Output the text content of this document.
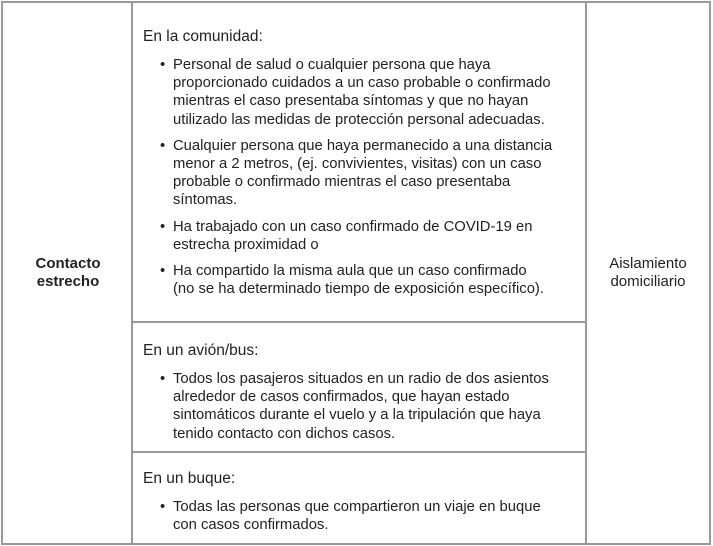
Contacto
estrecho
Aislamiento
domiciliario
En la comunidad:
• Personal de salud o cualquier persona que haya
proporcionado cuidados a un caso probable o confirmado
mientras el caso presentaba síntomas y que no hayan
utilizado las medidas de protección personal adecuadas.
• Cualquier persona que haya permanecido a una distancia
menor a 2 metros, (ej. convivientes, visitas) con un caso
probable o confirmado mientras el caso presentaba
síntomas.
• Ha trabajado con un caso confirmado de COVID-19 en
estrecha proximidad o
• Ha compartido la misma aula que un caso confirmado
(no se ha determinado tiempo de exposición específico).
En un avión/bus:
• Todos los pasajeros situados en un radio de dos asientos
alrededor de casos confirmados, que hayan estado
sintomáticos durante el vuelo y a la tripulación que haya
tenido contacto con dichos casos.
En un buque:
• Todas las personas que compartieron un viaje en buque
con casos confirmados.
